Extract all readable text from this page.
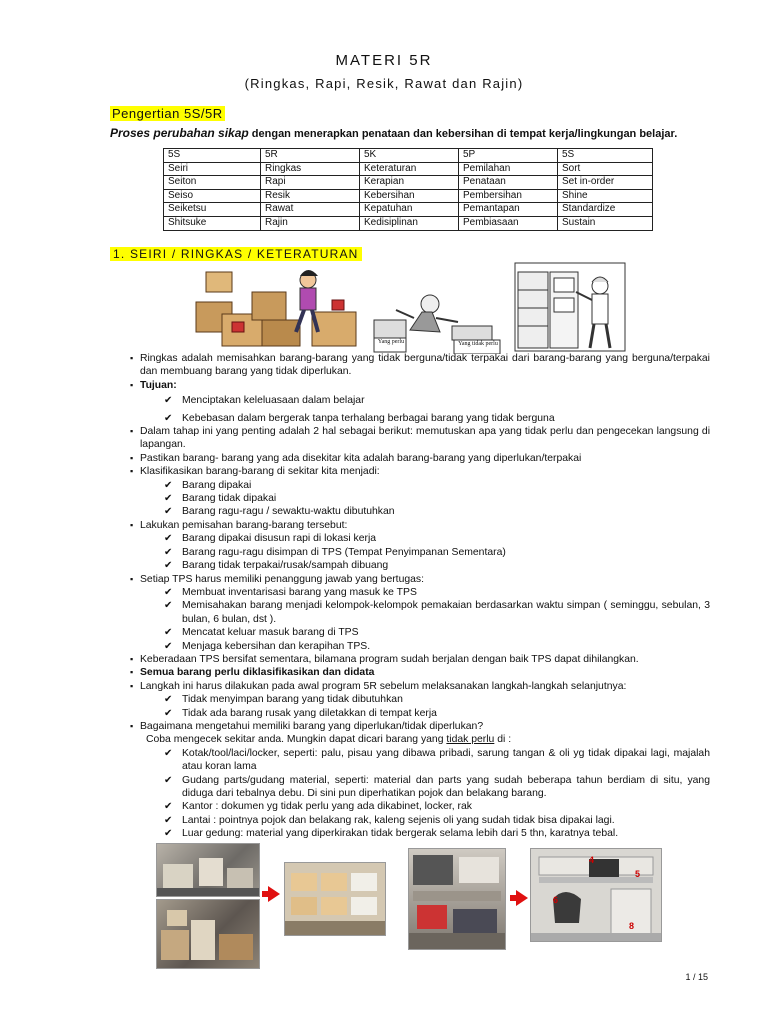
MATERI 5R
(Ringkas, Rapi, Resik, Rawat dan Rajin)
Pengertian 5S/5R
Proses perubahan sikap dengan menerapkan penataan dan kebersihan di tempat kerja/lingkungan belajar.
5S	5R	5K	5P	5S
Seiri	Ringkas	Keteraturan	Pemilahan	Sort
Seiton	Rapi	Kerapian	Penataan	Set in-order
Seiso	Resik	Kebersihan	Pembersihan	Shine
Seiketsu	Rawat	Kepatuhan	Pemantapan	Standardize
Shitsuke	Rajin	Kedisiplinan	Pembiasaan	Sustain
1. SEIRI / RINGKAS / KETERATURAN
Yang perlu	Yang tidak perlu
▪ Ringkas adalah memisahkan barang-barang yang tidak berguna/tidak terpakai dari barang-barang yang berguna/terpakai dan membuang barang yang tidak diperlukan.
▪ Tujuan:
✔ Menciptakan keleluasaan dalam belajar
✔ Kebebasan dalam bergerak tanpa terhalang berbagai barang yang tidak berguna
▪ Dalam tahap ini yang penting adalah 2 hal sebagai berikut: memutuskan apa yang tidak perlu dan pengecekan langsung di lapangan.
▪ Pastikan barang- barang yang ada disekitar kita adalah barang-barang yang diperlukan/terpakai
▪ Klasifikasikan barang-barang di sekitar kita menjadi:
✔ Barang dipakai
✔ Barang tidak dipakai
✔ Barang ragu-ragu / sewaktu-waktu dibutuhkan
▪ Lakukan pemisahan barang-barang tersebut:
✔ Barang dipakai disusun rapi di lokasi kerja
✔ Barang ragu-ragu disimpan di TPS (Tempat Penyimpanan Sementara)
✔ Barang tidak terpakai/rusak/sampah dibuang
▪ Setiap TPS harus memiliki penanggung jawab yang bertugas:
✔ Membuat inventarisasi barang yang masuk ke TPS
✔ Memisahakan barang menjadi kelompok-kelompok pemakaian berdasarkan waktu simpan ( seminggu, sebulan, 3 bulan, 6 bulan, dst ).
✔ Mencatat keluar masuk barang di TPS
✔ Menjaga kebersihan dan kerapihan TPS.
▪ Keberadaan TPS bersifat sementara, bilamana program sudah berjalan dengan baik TPS dapat dihilangkan.
▪ Semua barang perlu diklasifikasikan dan didata
▪ Langkah ini harus dilakukan pada awal program 5R sebelum melaksanakan langkah-langkah selanjutnya:
✔ Tidak menyimpan barang yang tidak dibutuhkan
✔ Tidak ada barang rusak yang diletakkan di tempat kerja
▪ Bagaimana mengetahui memiliki barang yang diperlukan/tidak diperlukan?
Coba mengecek sekitar anda. Mungkin dapat dicari barang yang tidak perlu di :
✔ Kotak/tool/laci/locker, seperti: palu, pisau yang dibawa pribadi, sarung tangan & oli yg tidak dipakai lagi, majalah atau koran lama
✔ Gudang parts/gudang material, seperti: material dan parts yang sudah beberapa tahun berdiam di situ, yang diduga dari tebalnya debu. Di sini pun diperhatikan pojok dan belakang barang.
✔ Kantor : dokumen yg tidak perlu yang ada dikabinet, locker, rak
✔ Lantai : pointnya pojok dan belakang rak, kaleng sejenis oli yang sudah tidak bisa dipakai lagi.
✔ Luar gedung: material yang diperkirakan tidak bergerak selama lebih dari 5 thn, karatnya tebal.
4
5
6
8
1 / 15
